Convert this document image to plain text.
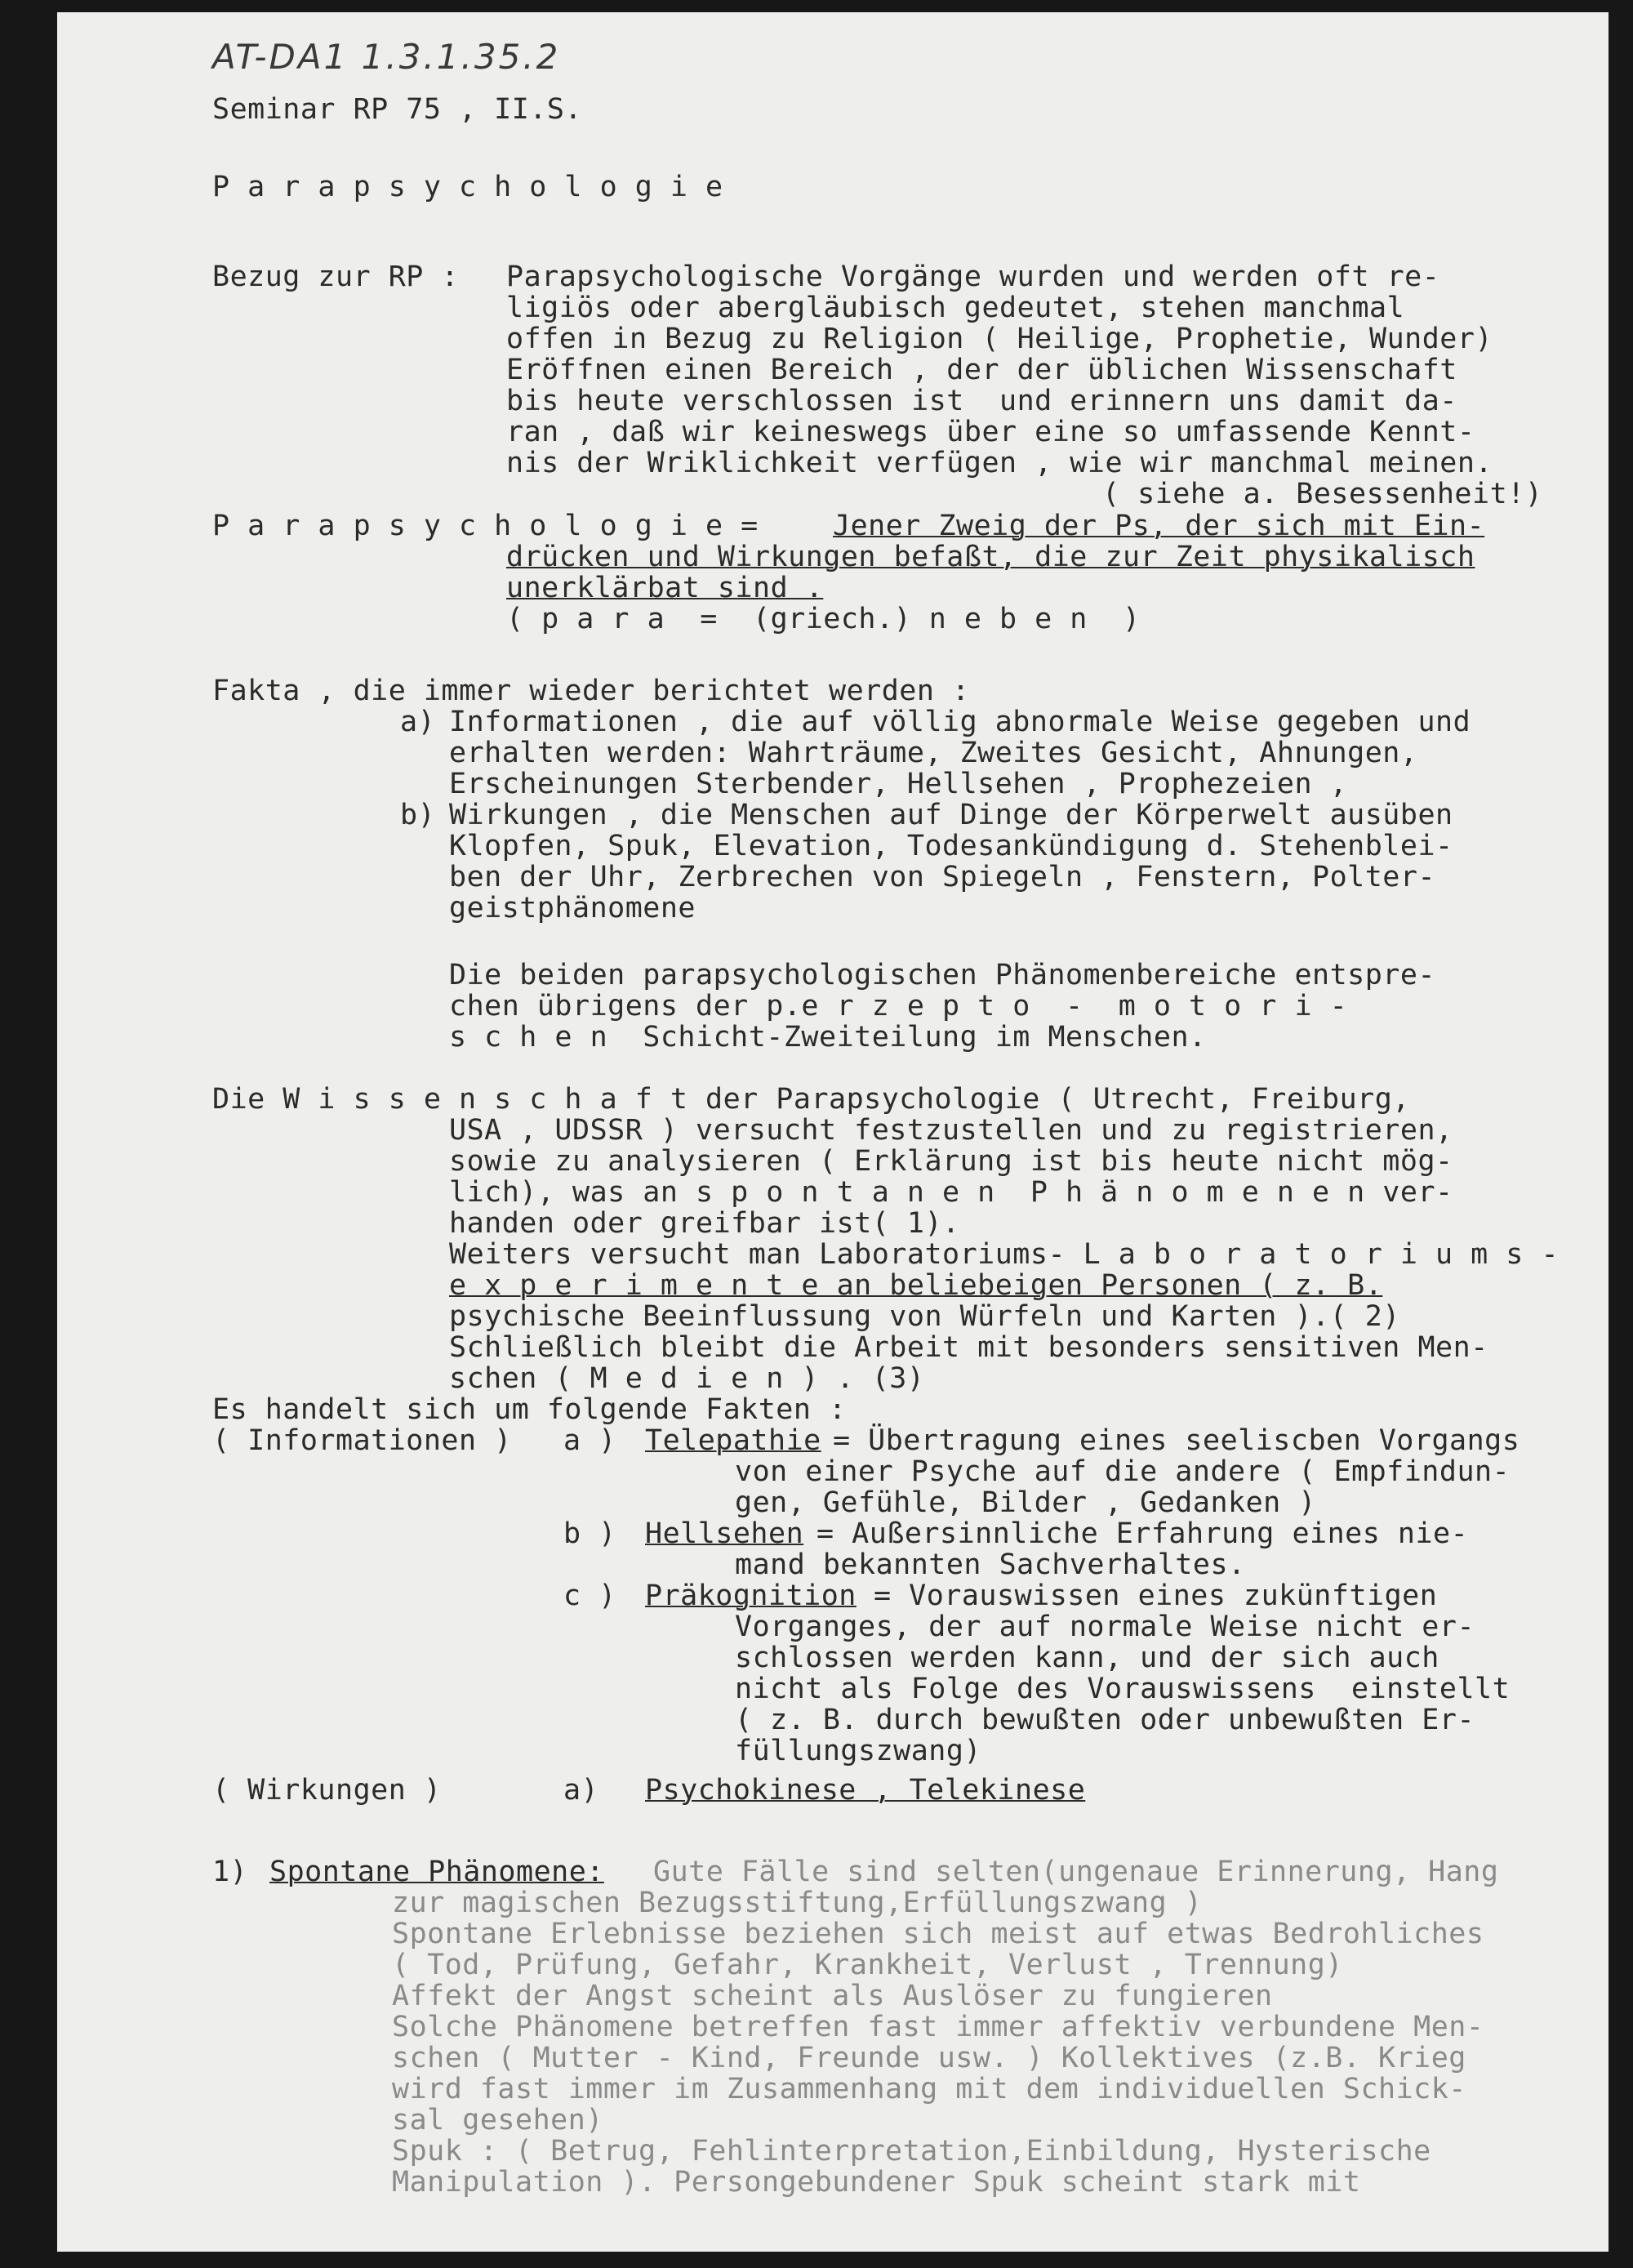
AT-DA1 1.3.1.35.2
Seminar RP 75 , II.S.
P a r a p s y c h o l o g i e
Bezug zur RP : Parapsychologische Vorgänge wurden und werden oft re-
ligiös oder abergläubisch gedeutet, stehen manchmal
offen in Bezug zu Religion ( Heilige, Prophetie, Wunder)
Eröffnen einen Bereich , der der üblichen Wissenschaft
bis heute verschlossen ist  und erinnern uns damit da-
ran , daß wir keineswegs über eine so umfassende Kennt-
nis der Wriklichkeit verfügen , wie wir manchmal meinen.
( siehe a. Besessenheit!)
P a r a p s y c h o l o g i e =	Jener Zweig der Ps, der sich mit Ein-
drücken und Wirkungen befaßt, die zur Zeit physikalisch
unerklärbat sind .
( p a r a  =  (griech.) n e b e n  )
Fakta , die immer wieder berichtet werden :
a) Informationen , die auf völlig abnormale Weise gegeben und
erhalten werden: Wahrträume, Zweites Gesicht, Ahnungen,
Erscheinungen Sterbender, Hellsehen , Prophezeien ,
b) Wirkungen , die Menschen auf Dinge der Körperwelt ausüben
Klopfen, Spuk, Elevation, Todesankündigung d. Stehenblei-
ben der Uhr, Zerbrechen von Spiegeln , Fenstern, Polter-
geistphänomene
Die beiden parapsychologischen Phänomenbereiche entspre-
chen übrigens der p.e r z e p t o  -  m o t o r i -
s c h e n  Schicht-Zweiteilung im Menschen.
Die W i s s e n s c h a f t der Parapsychologie ( Utrecht, Freiburg,
USA , UDSSR ) versucht festzustellen und zu registrieren,
sowie zu analysieren ( Erklärung ist bis heute nicht mög-
lich), was an s p o n t a n e n  P h ä n o m e n e n ver-
handen oder greifbar ist( 1).
Weiters versucht man Laboratoriums- L a b o r a t o r i u m s -
e x p e r i m e n t e an beliebeigen Personen ( z. B.
psychische Beeinflussung von Würfeln und Karten ).( 2)
Schließlich bleibt die Arbeit mit besonders sensitiven Men-
schen ( M e d i e n ) . (3)
Es handelt sich um folgende Fakten :
( Informationen ) a ) Telepathie = Übertragung eines seeliscben Vorgangs
von einer Psyche auf die andere ( Empfindun-
gen, Gefühle, Bilder , Gedanken )
b ) Hellsehen = Außersinnliche Erfahrung eines nie-
mand bekannten Sachverhaltes.
c ) Präkognition = Vorauswissen eines zukünftigen
Vorganges, der auf normale Weise nicht er-
schlossen werden kann, und der sich auch
nicht als Folge des Vorauswissens  einstellt
( z. B. durch bewußten oder unbewußten Er-
füllungszwang)
( Wirkungen )	a) Psychokinese , Telekinese
1) Spontane Phänomene: Gute Fälle sind selten(ungenaue Erinnerung, Hang
zur magischen Bezugsstiftung,Erfüllungszwang )
Spontane Erlebnisse beziehen sich meist auf etwas Bedrohliches
( Tod, Prüfung, Gefahr, Krankheit, Verlust , Trennung)
Affekt der Angst scheint als Auslöser zu fungieren
Solche Phänomene betreffen fast immer affektiv verbundene Men-
schen ( Mutter - Kind, Freunde usw. ) Kollektives (z.B. Krieg
wird fast immer im Zusammenhang mit dem individuellen Schick-
sal gesehen)
Spuk : ( Betrug, Fehlinterpretation,Einbildung, Hysterische
Manipulation ). Persongebundener Spuk scheint stark mit
